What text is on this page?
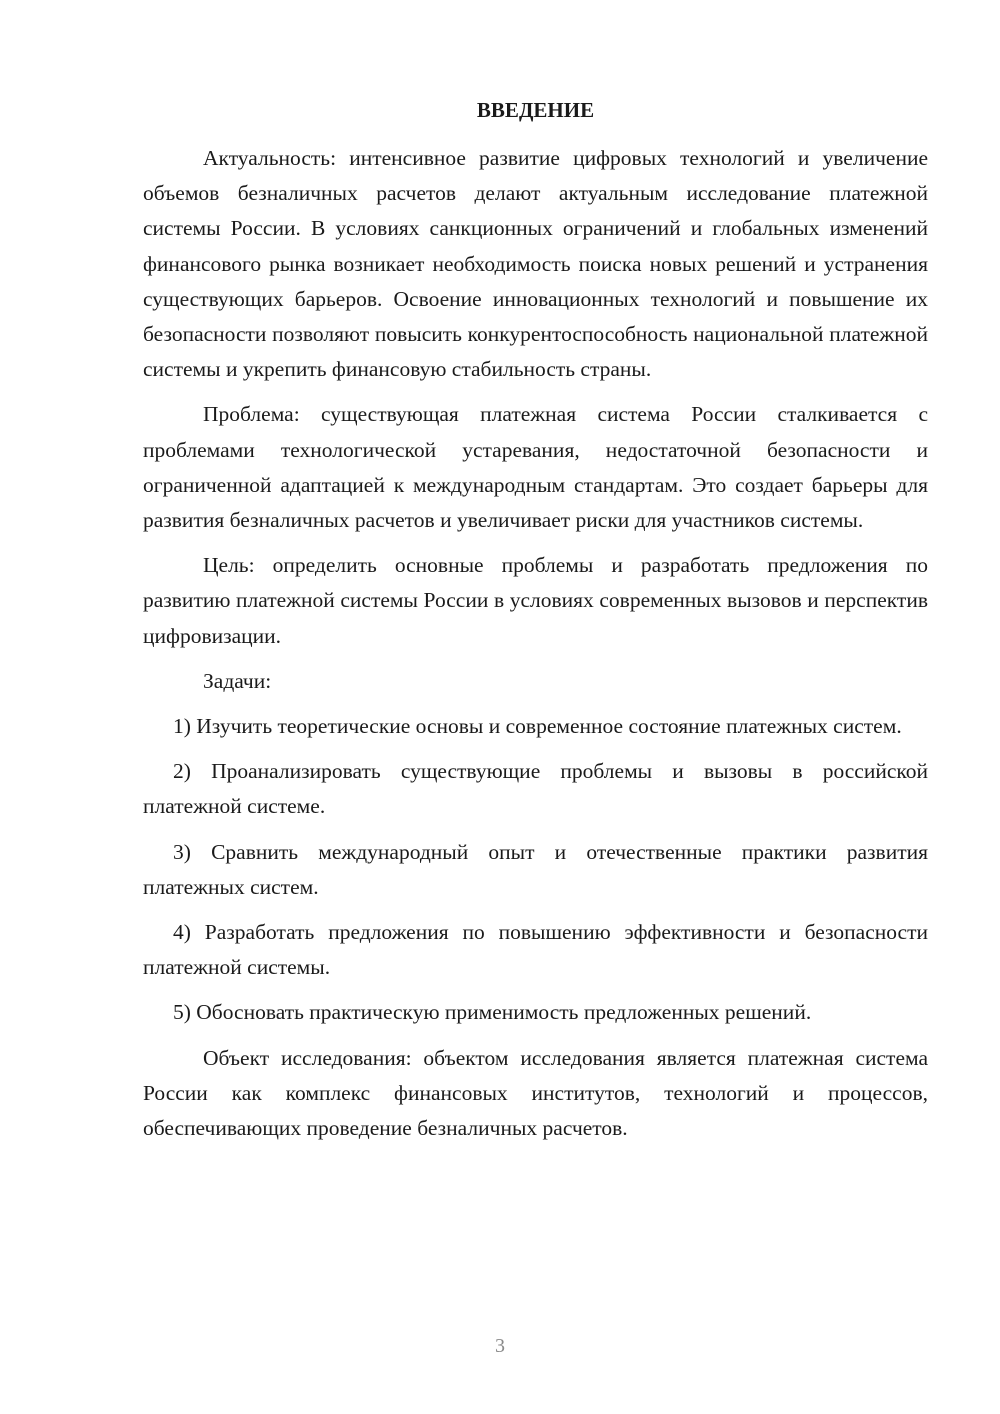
ВВЕДЕНИЕ

Актуальность: интенсивное развитие цифровых технологий и увеличение объемов безналичных расчетов делают актуальным исследование платежной системы России. В условиях санкционных ограничений и глобальных изменений финансового рынка возникает необходимость поиска новых решений и устранения существующих барьеров. Освоение инновационных технологий и повышение их безопасности позволяют повысить конкурентоспособность национальной платежной системы и укрепить финансовую стабильность страны.

Проблема: существующая платежная система России сталкивается с проблемами технологической устаревания, недостаточной безопасности и ограниченной адаптацией к международным стандартам. Это создает барьеры для развития безналичных расчетов и увеличивает риски для участников системы.

Цель: определить основные проблемы и разработать предложения по развитию платежной системы России в условиях современных вызовов и перспектив цифровизации.

Задачи:

1) Изучить теоретические основы и современное состояние платежных систем.

2) Проанализировать существующие проблемы и вызовы в российской платежной системе.

3) Сравнить международный опыт и отечественные практики развития платежных систем.

4) Разработать предложения по повышению эффективности и безопасности платежной системы.

5) Обосновать практическую применимость предложенных решений.

Объект исследования: объектом исследования является платежная система России как комплекс финансовых институтов, технологий и процессов, обеспечивающих проведение безналичных расчетов.

3
